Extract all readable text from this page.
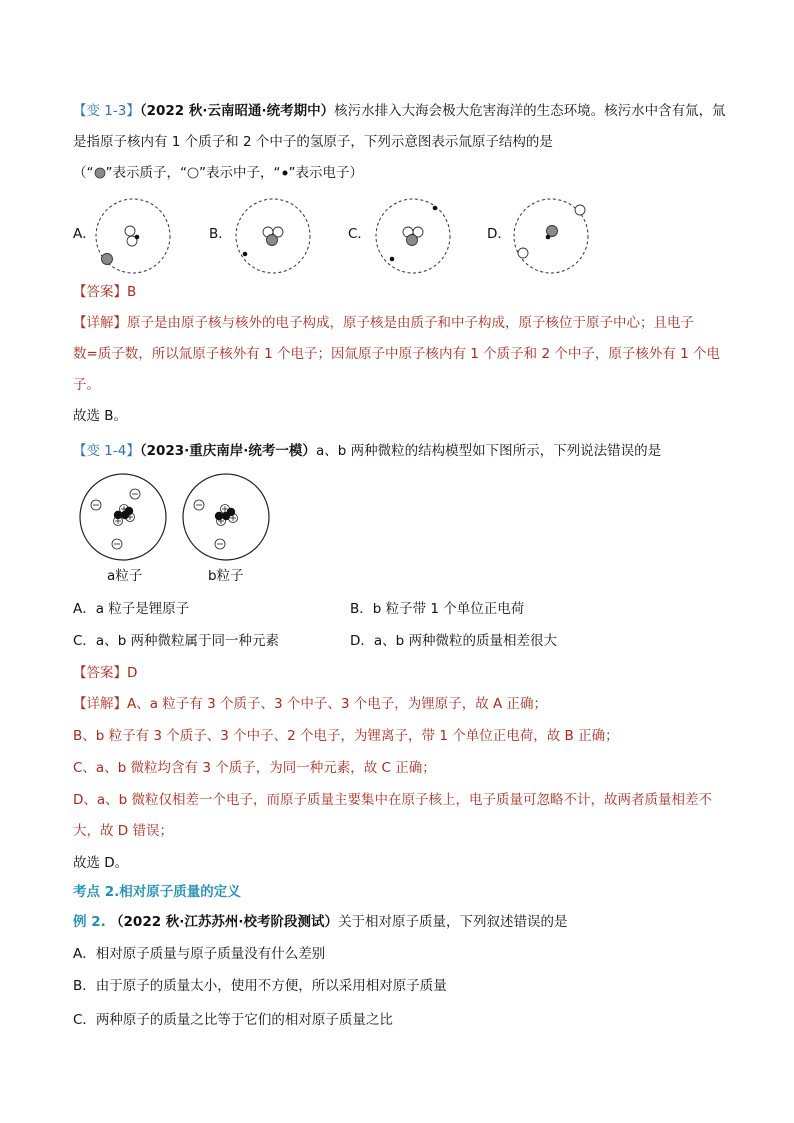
【变 1-3】（2022 秋·云南昭通·统考期中）核污水排入大海会极大危害海洋的生态环境。核污水中含有氚，氚
是指原子核内有 1 个质子和 2 个中子的氢原子，下列示意图表示氚原子结构的是
（“ ”表示质子，“ ”表示中子，“ ”表示电子）
A．	B．	C．	D．
【答案】B
【详解】原子是由原子核与核外的电子构成，原子核是由质子和中子构成，原子核位于原子中心；且电子
数=质子数，所以氚原子核外有 1 个电子；因氚原子中原子核内有 1 个质子和 2 个中子，原子核外有 1 个电
子。
故选 B。
【变 1-4】（2023·重庆南岸·统考一模）a、b 两种微粒的结构模型如下图所示，下列说法错误的是
a粒子	b粒子
A．a 粒子是锂原子	B．b 粒子带 1 个单位正电荷
C．a、b 两种微粒属于同一种元素	D．a、b 两种微粒的质量相差很大
【答案】D
【详解】A、a 粒子有 3 个质子、3 个中子、3 个电子，为锂原子，故 A 正确；
B、b 粒子有 3 个质子、3 个中子、2 个电子，为锂离子，带 1 个单位正电荷，故 B 正确；
C、a、b 微粒均含有 3 个质子，为同一种元素，故 C 正确；
D、a、b 微粒仅相差一个电子，而原子质量主要集中在原子核上，电子质量可忽略不计，故两者质量相差不
大，故 D 错误；
故选 D。
考点 2.相对原子质量的定义
例 2. （2022 秋·江苏苏州·校考阶段测试）关于相对原子质量，下列叙述错误的是
A．相对原子质量与原子质量没有什么差别
B．由于原子的质量太小，使用不方便，所以采用相对原子质量
C．两种原子的质量之比等于它们的相对原子质量之比
